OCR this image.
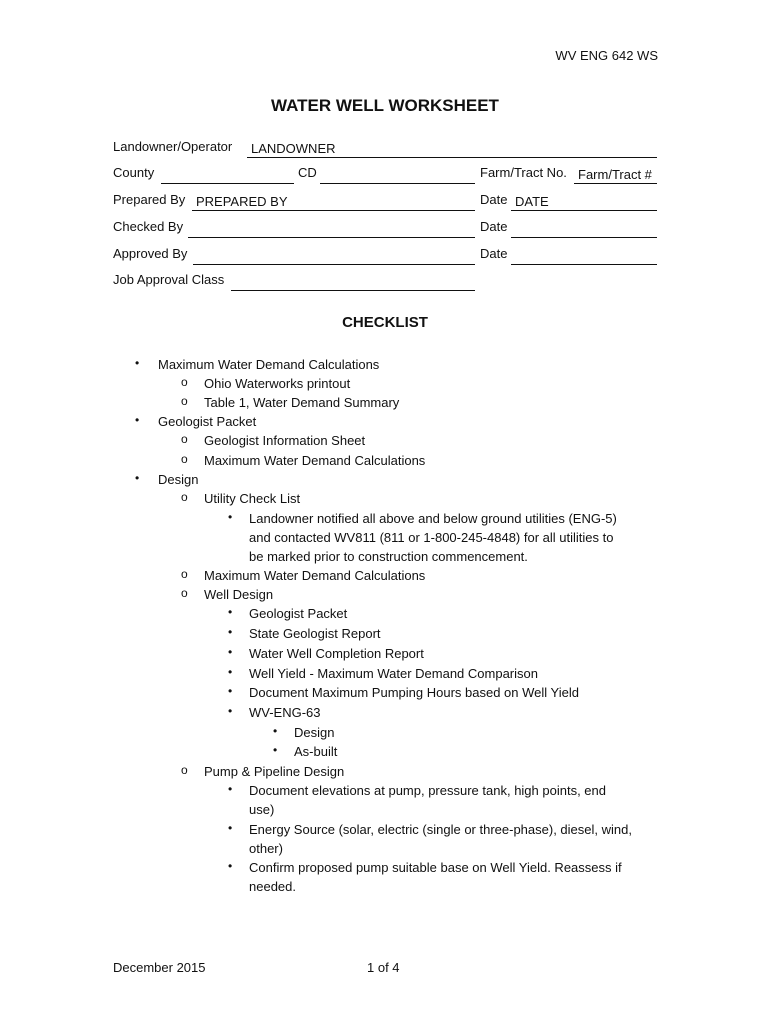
WV ENG 642 WS
WATER WELL WORKSHEET
Landowner/Operator LANDOWNER
County	CD	Farm/Tract No. Farm/Tract #
Prepared By PREPARED BY	Date DATE
Checked By	Date
Approved By	Date
Job Approval Class
CHECKLIST
• Maximum Water Demand Calculations
o Ohio Waterworks printout
o Table 1, Water Demand Summary
• Geologist Packet
o Geologist Information Sheet
o Maximum Water Demand Calculations
• Design
o Utility Check List
• Landowner notified all above and below ground utilities (ENG-5)
and contacted WV811 (811 or 1-800-245-4848) for all utilities to
be marked prior to construction commencement.
o Maximum Water Demand Calculations
o Well Design
• Geologist Packet
• State Geologist Report
• Water Well Completion Report
• Well Yield - Maximum Water Demand Comparison
• Document Maximum Pumping Hours based on Well Yield
• WV-ENG-63
• Design
• As-built
o Pump & Pipeline Design
• Document elevations at pump, pressure tank, high points, end
use)
• Energy Source (solar, electric (single or three-phase), diesel, wind,
other)
• Confirm proposed pump suitable base on Well Yield. Reassess if
needed.
December 2015	1 of 4
